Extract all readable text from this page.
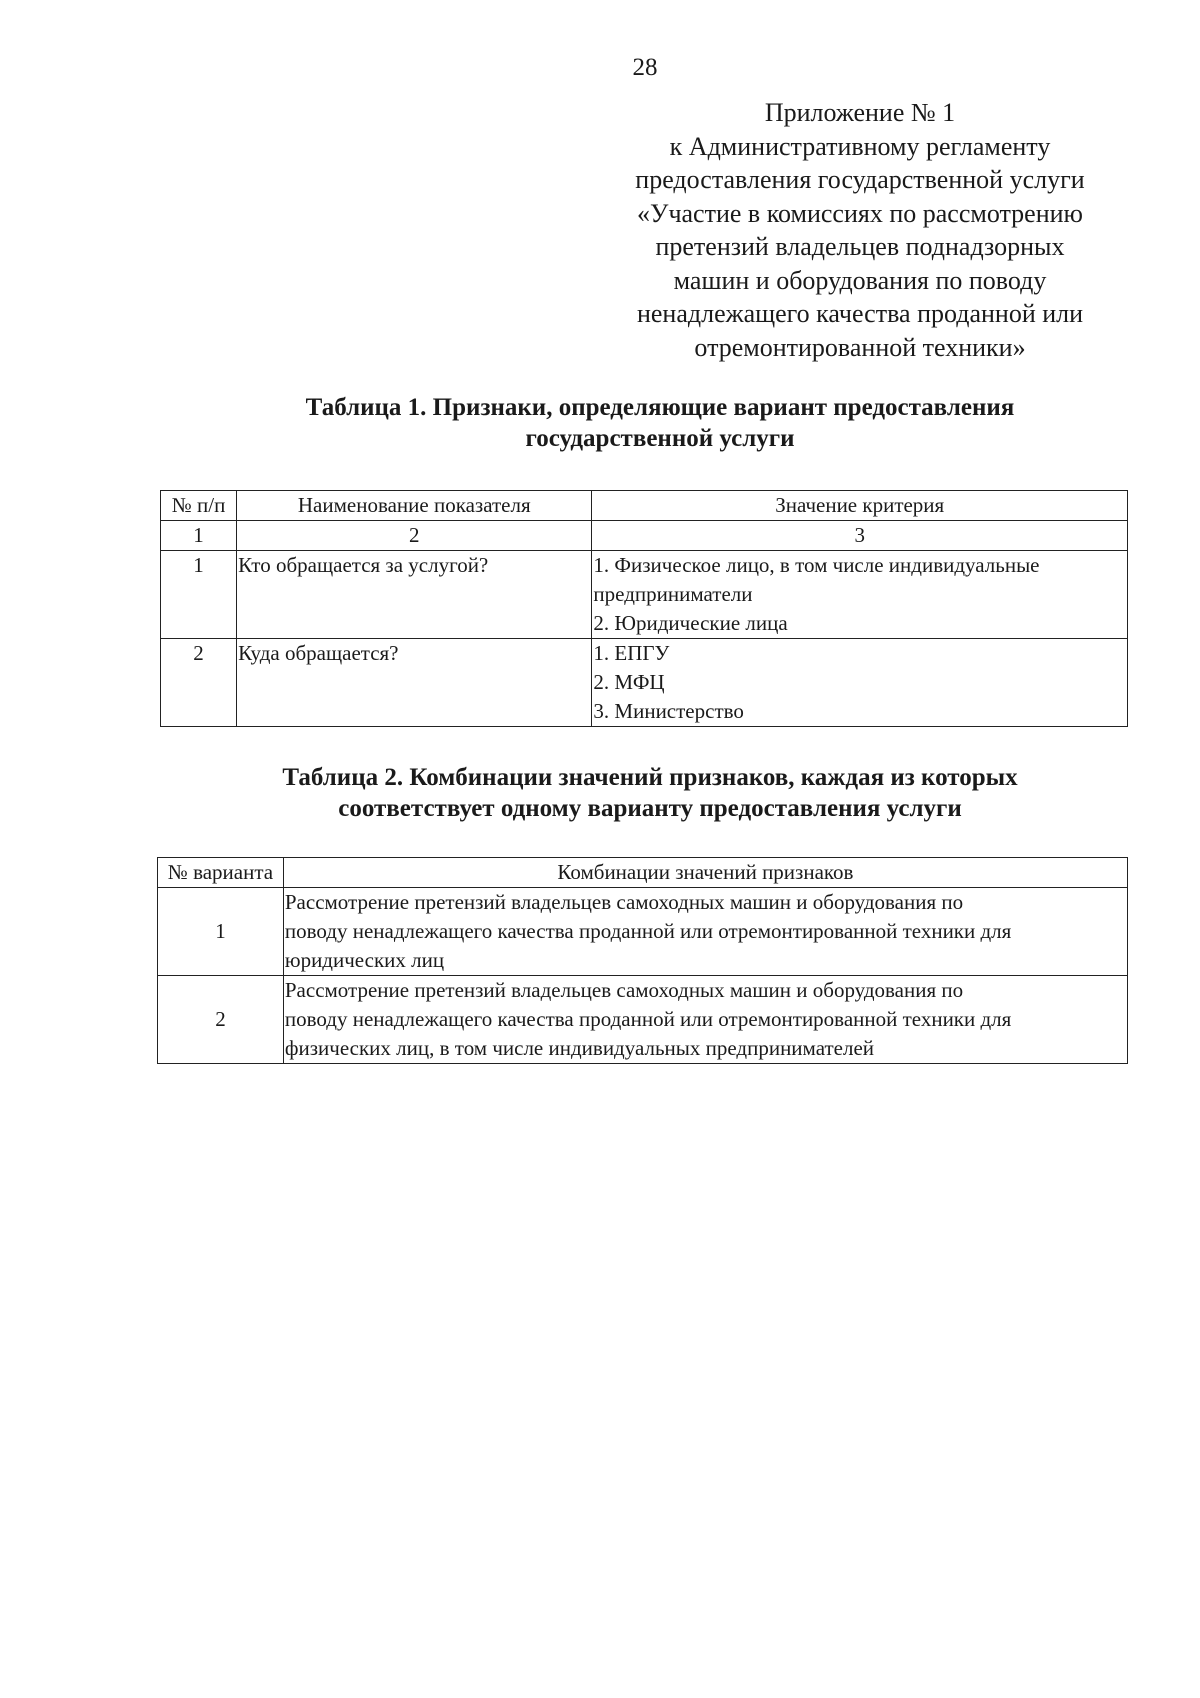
28
Приложение № 1
к Административному регламенту
предоставления государственной услуги
«Участие в комиссиях по рассмотрению
претензий владельцев поднадзорных
машин и оборудования по поводу
ненадлежащего качества проданной или
отремонтированной техники»
Таблица 1. Признаки, определяющие вариант предоставления
государственной услуги
№ п/п	Наименование показателя	Значение критерия
1	2	3
1	Кто обращается за услугой?	1. Физическое лицо, в том числе индивидуальные
предприниматели
2. Юридические лица

2	Куда обращается?	1. ЕПГУ
2. МФЦ
3. Министерство
Таблица 2. Комбинации значений признаков, каждая из которых
соответствует одному варианту предоставления услуги
№ варианта	Комбинации значений признаков
1	Рассмотрение претензий владельцев самоходных машин и оборудования по
поводу ненадлежащего качества проданной или отремонтированной техники для
юридических лиц

2	Рассмотрение претензий владельцев самоходных машин и оборудования по
поводу ненадлежащего качества проданной или отремонтированной техники для
физических лиц, в том числе индивидуальных предпринимателей
